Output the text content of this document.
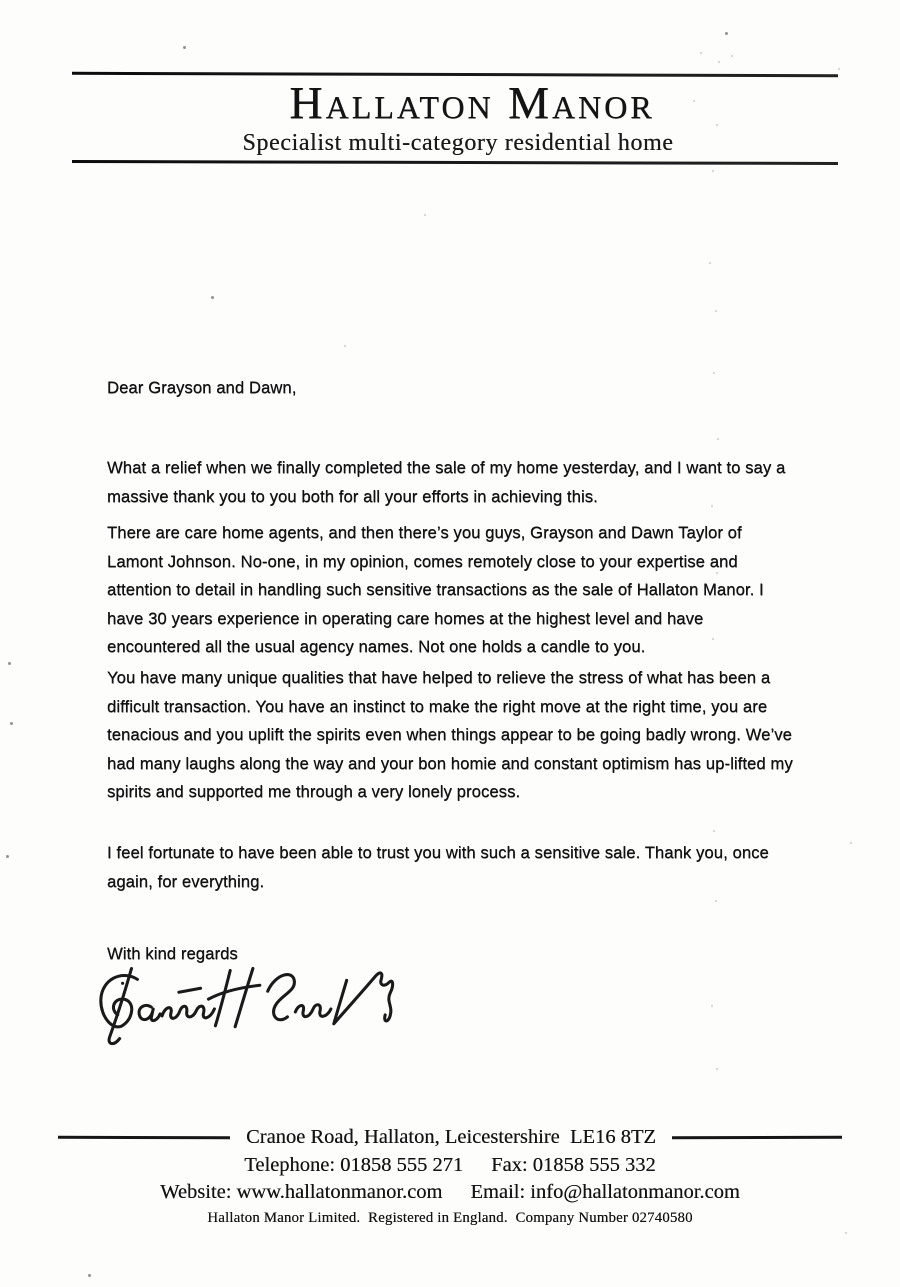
Hallaton Manor
Specialist multi-category residential home
Dear Grayson and Dawn,
What a relief when we finally completed the sale of my home yesterday, and I want to say a massive thank you to you both for all your efforts in achieving this.
There are care home agents, and then there’s you guys, Grayson and Dawn Taylor of Lamont Johnson. No-one, in my opinion, comes remotely close to your expertise and attention to detail in handling such sensitive transactions as the sale of Hallaton Manor. I have 30 years experience in operating care homes at the highest level and have encountered all the usual agency names. Not one holds a candle to you.
You have many unique qualities that have helped to relieve the stress of what has been a difficult transaction. You have an instinct to make the right move at the right time, you are tenacious and you uplift the spirits even when things appear to be going badly wrong. We’ve had many laughs along the way and your bon homie and constant optimism has up-lifted my spirits and supported me through a very lonely process.
I feel fortunate to have been able to trust you with such a sensitive sale. Thank you, once again, for everything.
With kind regards
Cranoe Road, Hallaton, Leicestershire  LE16 8TZ
Telephone:
01858 555 271 Fax:
01858 555 332
Website:
www.hallatonmanor.com Email:
info@hallatonmanor.com
Hallaton Manor Limited.  Registered in England.  Company Number 02740580
